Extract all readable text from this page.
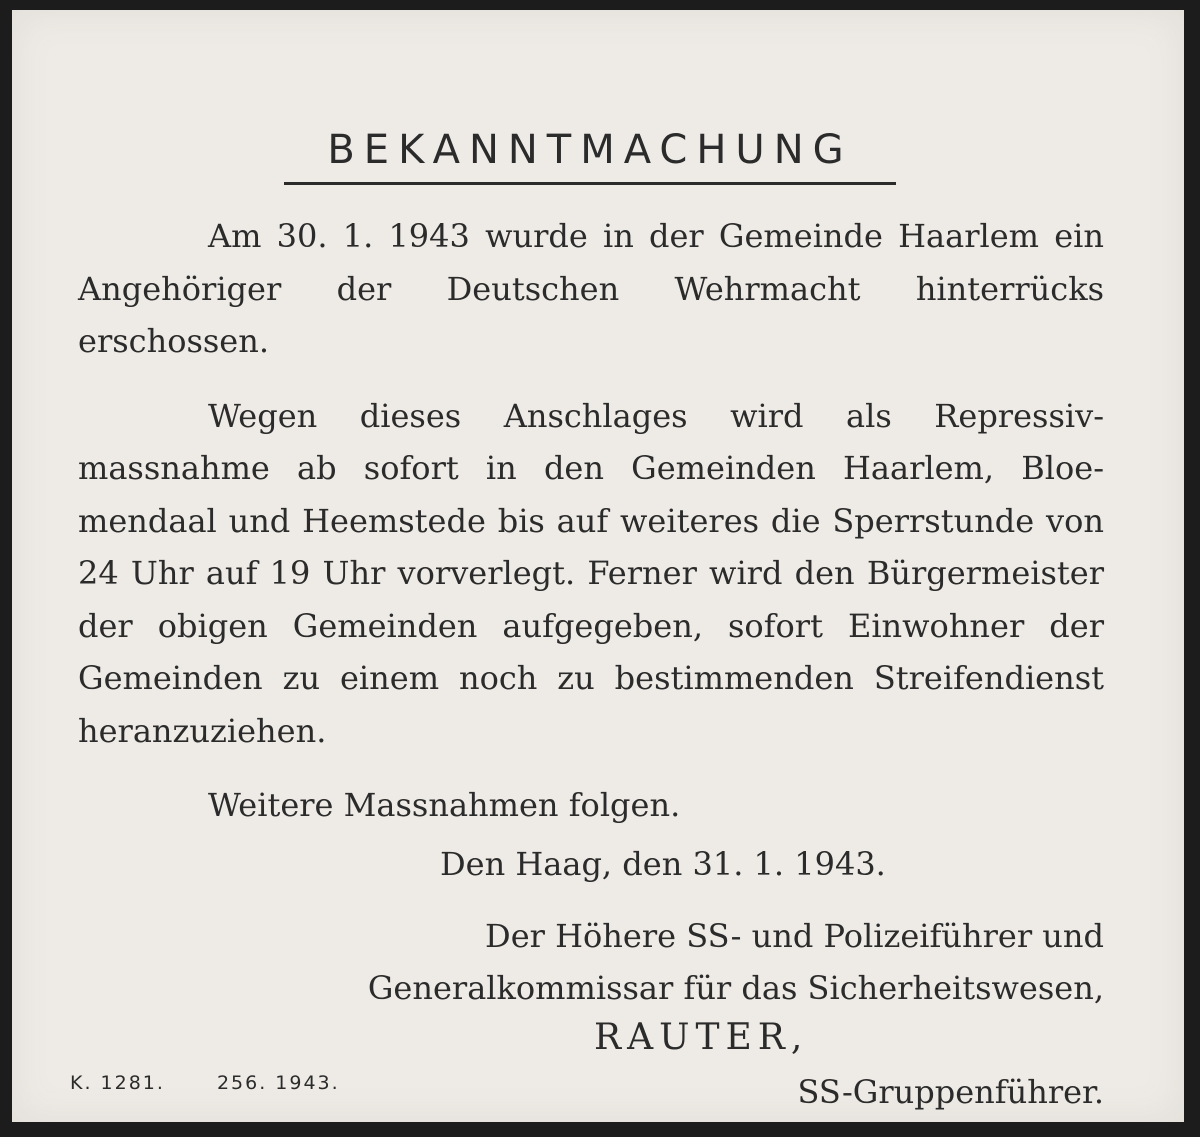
BEKANNTMACHUNG

Am 30. 1. 1943 wurde in der Gemeinde Haarlem ein Angehöriger der Deutschen Wehrmacht hinterrücks erschossen.

Wegen dieses Anschlages wird als Repressivmassnahme ab sofort in den Gemeinden Haarlem, Bloemendaal und Heemstede bis auf weiteres die Sperrstunde von 24 Uhr auf 19 Uhr vorverlegt. Ferner wird den Bürgermeister der obigen Gemeinden aufgegeben, sofort Einwohner der Gemeinden zu einem noch zu bestimmenden Streifendienst heranzuziehen.

Weitere Massnahmen folgen.

Den Haag, den 31. 1. 1943.
Der Höhere SS- und Polizeiführer und
Generalkommissar für das Sicherheitswesen,
RAUTER,
SS-Gruppenführer.
K. 1281.	256. 1943.
